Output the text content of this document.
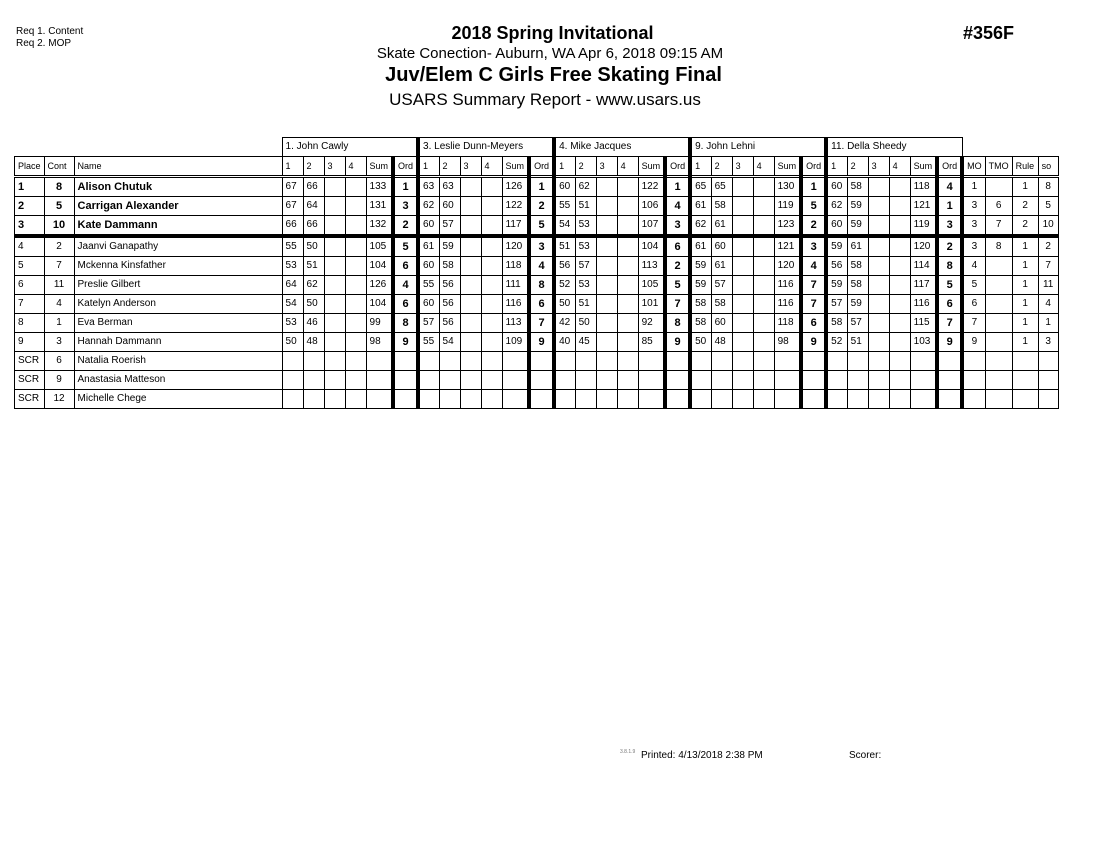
Req 1. Content
Req 2. MOP
2018 Spring Invitational
Skate Conection- Auburn, WA Apr 6, 2018 09:15 AM
Juv/Elem C Girls Free Skating Final
USARS Summary Report - www.usars.us
#356F
			1. John Cawly						3. Leslie Dunn-Meyers						4. Mike Jacques						9. John Lehni						11. Della Sheedy									
Place	Cont	Name	1	2	3	4	Sum	Ord	1	2	3	4	Sum	Ord	1	2	3	4	Sum	Ord	1	2	3	4	Sum	Ord	1	2	3	4	Sum	Ord	MO	TMO	Rule	so
1	8	Alison Chutuk	67	66			133	1	63	63			126	1	60	62			122	1	65	65			130	1	60	58			118	4	1		1	8
2	5	Carrigan Alexander	67	64			131	3	62	60			122	2	55	51			106	4	61	58			119	5	62	59			121	1	3	6	2	5
3	10	Kate Dammann	66	66			132	2	60	57			117	5	54	53			107	3	62	61			123	2	60	59			119	3	3	7	2	10
4	2	Jaanvi Ganapathy	55	50			105	5	61	59			120	3	51	53			104	6	61	60			121	3	59	61			120	2	3	8	1	2
5	7	Mckenna Kinsfather	53	51			104	6	60	58			118	4	56	57			113	2	59	61			120	4	56	58			114	8	4		1	7
6	11	Preslie Gilbert	64	62			126	4	55	56			111	8	52	53			105	5	59	57			116	7	59	58			117	5	5		1	11
7	4	Katelyn Anderson	54	50			104	6	60	56			116	6	50	51			101	7	58	58			116	7	57	59			116	6	6		1	4
8	1	Eva Berman	53	46			99	8	57	56			113	7	42	50			92	8	58	60			118	6	58	57			115	7	7		1	1
9	3	Hannah Dammann	50	48			98	9	55	54			109	9	40	45			85	9	50	48			98	9	52	51			103	9	9		1	3
SCR	6	Natalia Roerish																																		
SCR	9	Anastasia Matteson																																		
SCR	12	Michelle Chege																																		
3.8.1.9 Printed: 4/13/2018 2:38 PM	Scorer:
